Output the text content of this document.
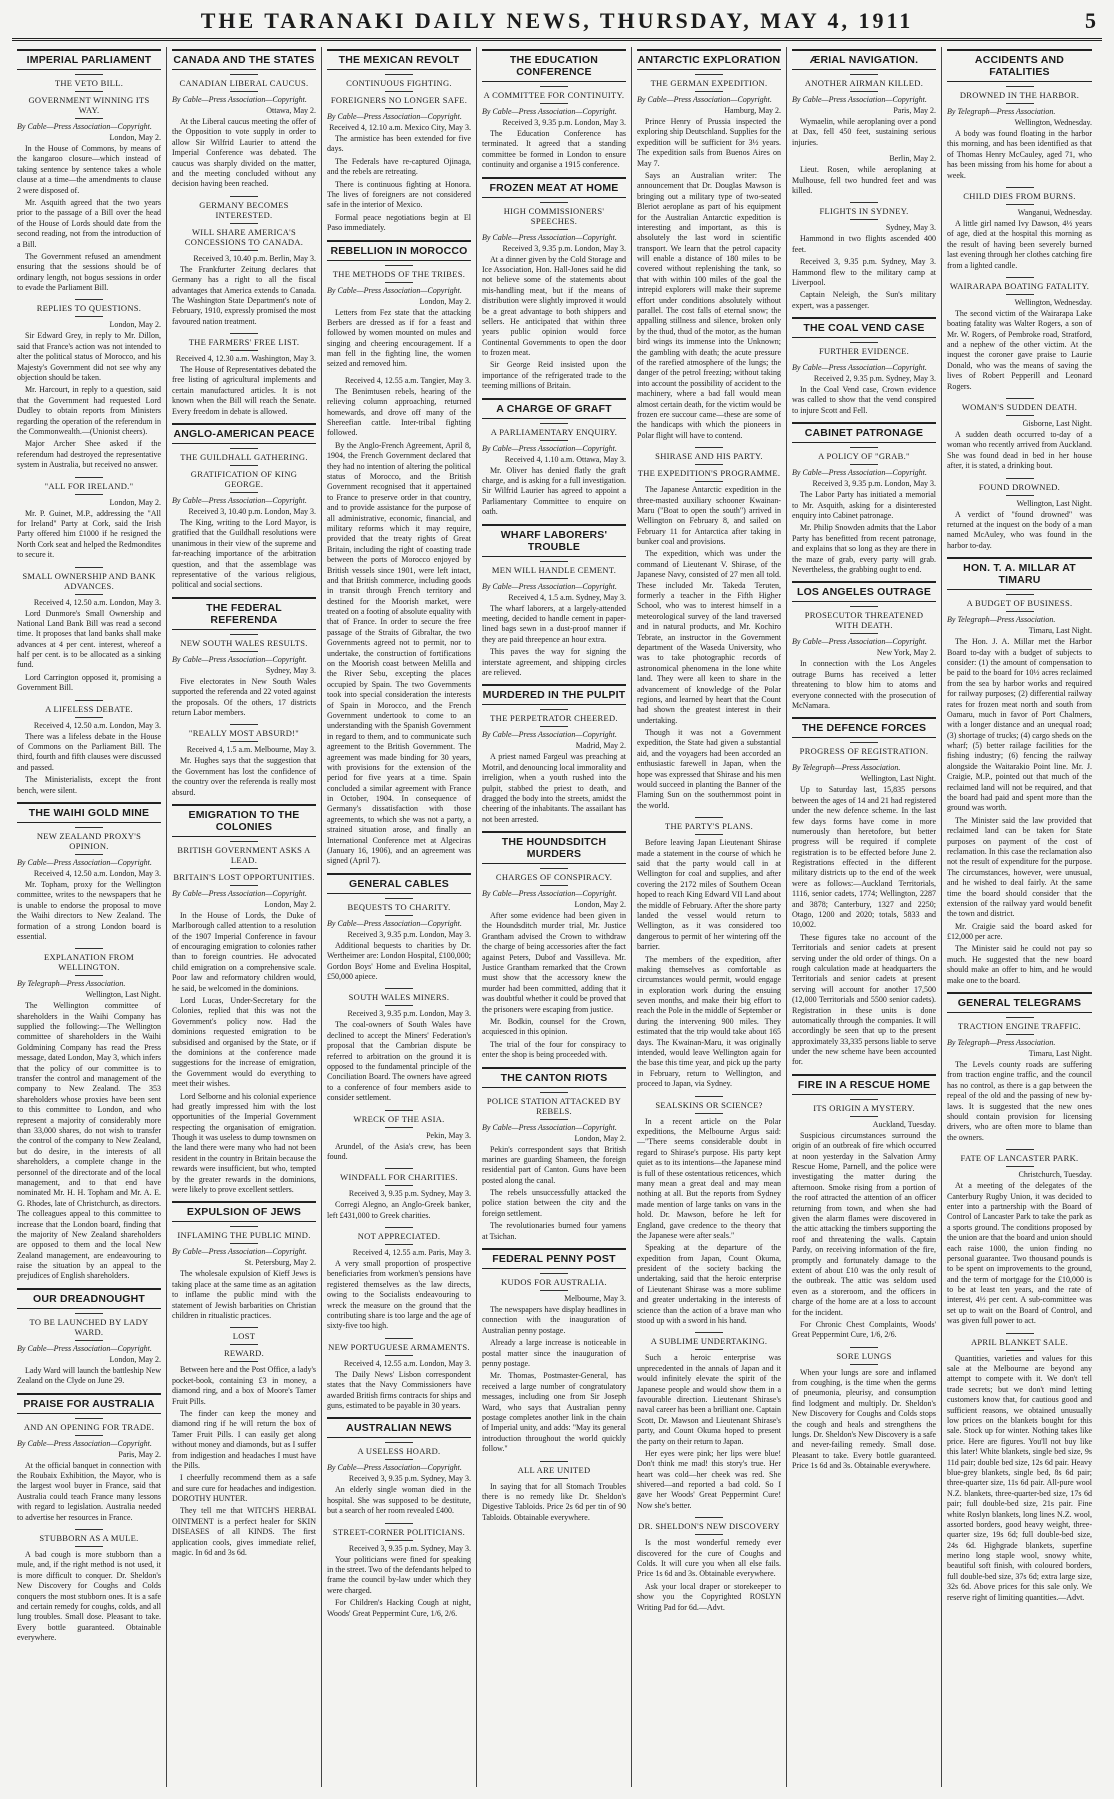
THE TARANAKI DAILY NEWS, THURSDAY, MAY 4, 1911	5
IMPERIAL PARLIAMENT
THE VETO BILL.
GOVERNMENT WINNING ITS WAY.
By Cable—Press Association—Copyright.
London, May 2.

In the House of Commons, by means of the kangaroo closure—which instead of taking sentence by sentence takes a whole clause at a time—the amendments to clause 2 were disposed of.

Mr. Asquith agreed that the two years prior to the passage of a Bill over the head of the House of Lords should date from the second reading, not from the introduction of a Bill.

The Government refused an amendment ensuring that the sessions should be of ordinary length, not bogus sessions in order to evade the Parliament Bill.

REPLIES TO QUESTIONS.
London, May 2.

Sir Edward Grey, in reply to Mr. Dillon, said that France's action was not intended to alter the political status of Morocco, and his Majesty's Government did not see why any objection should be taken.

Mr. Harcourt, in reply to a question, said that the Government had requested Lord Dudley to obtain reports from Ministers regarding the operation of the referendum in the Commonwealth.—(Unionist cheers).

Major Archer Shee asked if the referendum had destroyed the representative system in Australia, but received no answer.

"ALL FOR IRELAND."
London, May 2.

Mr. P. Guinet, M.P., addressing the "All for Ireland" Party at Cork, said the Irish Party offered him £1000 if he resigned the North Cork seat and helped the Redmondites to secure it.

SMALL OWNERSHIP AND BANK ADVANCES.
Received 4, 12.50 a.m. London, May 3.

Lord Dunmore's Small Ownership and National Land Bank Bill was read a second time. It proposes that land banks shall make advances at 4 per cent. interest, whereof a half per cent. is to be allocated as a sinking fund.

Lord Carrington opposed it, promising a Government Bill.

A LIFELESS DEBATE.
Received 4, 12.50 a.m. London, May 3.

There was a lifeless debate in the House of Commons on the Parliament Bill. The third, fourth and fifth clauses were discussed and passed.

The Ministerialists, except the front bench, were silent.

THE WAIHI GOLD MINE
NEW ZEALAND PROXY'S OPINION.
By Cable—Press Association—Copyright.
Received 4, 12.50 a.m. London, May 3.

Mr. Topham, proxy for the Wellington committee, writes to the newspapers that he is unable to endorse the proposal to move the Waihi directors to New Zealand. The formation of a strong London board is essential.

EXPLANATION FROM WELLINGTON.
By Telegraph—Press Association.
Wellington, Last Night.

The Wellington committee of shareholders in the Waihi Company has supplied the following:—The Wellington committee of shareholders in the Waihi Goldmining Company has read the Press message, dated London, May 3, which infers that the policy of our committee is to transfer the control and management of the company to New Zealand. The 353 shareholders whose proxies have been sent to this committee to London, and who represent a majority of considerably more than 33,000 shares, do not wish to transfer the control of the company to New Zealand, but do desire, in the interests of all shareholders, a complete change in the personnel of the directorate and of the local management, and to that end have nominated Mr. H. H. Topham and Mr. A. E. G. Rhodes, late of Christchurch, as directors. The colleagues appeal to this committee to increase that the London board, finding that the majority of New Zealand shareholders are opposed to them and the local New Zealand management, are endeavouring to raise the situation by an appeal to the prejudices of English shareholders.

OUR DREADNOUGHT
TO BE LAUNCHED BY LADY WARD.
By Cable—Press Association—Copyright.
London, May 2.

Lady Ward will launch the battleship New Zealand on the Clyde on June 29.

PRAISE FOR AUSTRALIA
AND AN OPENING FOR TRADE.
By Cable—Press Association—Copyright.
Paris, May 2.

At the official banquet in connection with the Roubaix Exhibition, the Mayor, who is the largest wool buyer in France, said that Australia could teach France many lessons with regard to legislation. Australia needed to advertise her resources in France.

STUBBORN AS A MULE.

A bad cough is more stubborn than a mule, and, if the right method is not used, it is more difficult to conquer. Dr. Sheldon's New Discovery for Coughs and Colds conquers the most stubborn ones. It is a safe and certain remedy for coughs, colds, and all lung troubles. Small dose. Pleasant to take. Every bottle guaranteed. Obtainable everywhere.

CANADA AND THE STATES
CANADIAN LIBERAL CAUCUS.
By Cable—Press Association—Copyright.
Ottawa, May 2.

At the Liberal caucus meeting the offer of the Opposition to vote supply in order to allow Sir Wilfrid Laurier to attend the Imperial Conference was debated. The caucus was sharply divided on the matter, and the meeting concluded without any decision having been reached.

GERMANY BECOMES INTERESTED.
WILL SHARE AMERICA'S CONCESSIONS TO CANADA.
Received 3, 10.40 p.m. Berlin, May 3.

The Frankfurter Zeitung declares that Germany has a right to all the fiscal advantages that America extends to Canada. The Washington State Department's note of February, 1910, expressly promised the most favoured nation treatment.

THE FARMERS' FREE LIST.
Received 4, 12.30 a.m. Washington, May 3.

The House of Representatives debated the free listing of agricultural implements and certain manufactured articles. It is not known when the Bill will reach the Senate. Every freedom in debate is allowed.

ANGLO-AMERICAN PEACE
THE GUILDHALL GATHERING.
GRATIFICATION OF KING GEORGE.
By Cable—Press Association—Copyright.
Received 3, 10.40 p.m. London, May 3.

The King, writing to the Lord Mayor, is gratified that the Guildhall resolutions were unanimous in their view of the supreme and far-reaching importance of the arbitration question, and that the assemblage was representative of the various religious, political and social sections.

THE FEDERAL REFERENDA
NEW SOUTH WALES RESULTS.
By Cable—Press Association—Copyright.
Sydney, May 3.

Five electorates in New South Wales supported the referenda and 22 voted against the proposals. Of the others, 17 districts return Labor members.

"REALLY MOST ABSURD!"
Received 4, 1.5 a.m. Melbourne, May 3.

Mr. Hughes says that the suggestion that the Government has lost the confidence of the country over the referenda is really most absurd.

EMIGRATION TO THE COLONIES
BRITISH GOVERNMENT ASKS A LEAD.
BRITAIN'S LOST OPPORTUNITIES.
By Cable—Press Association—Copyright.
London, May 2.

In the House of Lords, the Duke of Marlborough called attention to a resolution of the 1907 Imperial Conference in favour of encouraging emigration to colonies rather than to foreign countries. He advocated child emigration on a comprehensive scale. Poor law and reformatory children would, he said, be welcomed in the dominions.

Lord Lucas, Under-Secretary for the Colonies, replied that this was not the Government's policy now. Had the dominions requested emigration to be subsidised and organised by the State, or if the dominions at the conference made suggestions for the increase of emigration, the Government would do everything to meet their wishes.

Lord Selborne and his colonial experience had greatly impressed him with the lost opportunities of the Imperial Government respecting the organisation of emigration. Though it was useless to dump townsmen on the land there were many who had not been resident in the country in Britain because the rewards were insufficient, but who, tempted by the greater rewards in the dominions, were likely to prove excellent settlers.

EXPULSION OF JEWS
INFLAMING THE PUBLIC MIND.
By Cable—Press Association—Copyright.
St. Petersburg, May 2.

The wholesale expulsion of Kieff Jews is taking place at the same time as an agitation to inflame the public mind with the statement of Jewish barbarities on Christian children in ritualistic practices.

LOST
REWARD.

Between here and the Post Office, a lady's pocket-book, containing £3 in money, a diamond ring, and a box of Moore's Tamer Fruit Pills.

The finder can keep the money and diamond ring if he will return the box of Tamer Fruit Pills. I can easily get along without money and diamonds, but as I suffer from indigestion and headaches I must have the Pills.

I cheerfully recommend them as a safe and sure cure for headaches and indigestion. DOROTHY HUNTER.

They tell me that WITCH'S HERBAL OINTMENT is a perfect healer for SKIN DISEASES of all KINDS. The first application cools, gives immediate relief, magic. In 6d and 3s 6d.

THE MEXICAN REVOLT
CONTINUOUS FIGHTING.
FOREIGNERS NO LONGER SAFE.
By Cable—Press Association—Copyright.
Received 4, 12.10 a.m. Mexico City, May 3.

The armistice has been extended for five days.

The Federals have re-captured Ojinaga, and the rebels are retreating.

There is continuous fighting at Honora. The lives of foreigners are not considered safe in the interior of Mexico.

Formal peace negotiations begin at El Paso immediately.

REBELLION IN MOROCCO
THE METHODS OF THE TRIBES.
By Cable—Press Association—Copyright.
London, May 2.

Letters from Fez state that the attacking Berbers are dressed as if for a feast and followed by women mounted on mules and singing and cheering encouragement. If a man fell in the fighting line, the women seized and removed him.

Received 4, 12.55 a.m. Tangier, May 3.

The Benimtusen rebels, hearing of the relieving column approaching, returned homewards, and drove off many of the Shereefian cattle. Inter-tribal fighting followed.

By the Anglo-French Agreement, April 8, 1904, the French Government declared that they had no intention of altering the political status of Morocco, and the British Government recognised that it appertained to France to preserve order in that country, and to provide assistance for the purpose of all administrative, economic, financial, and military reforms which it may require, provided that the treaty rights of Great Britain, including the right of coasting trade between the ports of Morocco enjoyed by British vessels since 1901, were left intact, and that British commerce, including goods in transit through French territory and destined for the Moorish market, were treated on a footing of absolute equality with that of France. In order to secure the free passage of the Straits of Gibraltar, the two Governments agreed not to permit, nor to undertake, the construction of fortifications on the Moorish coast between Melilla and the River Sebu, excepting the places occupied by Spain. The two Governments took into special consideration the interests of Spain in Morocco, and the French Government undertook to come to an understanding with the Spanish Government in regard to them, and to communicate such agreement to the British Government. The agreement was made binding for 30 years, with provisions for the extension of the period for five years at a time. Spain concluded a similar agreement with France in October, 1904. In consequence of Germany's dissatisfaction with those agreements, to which she was not a party, a strained situation arose, and finally an International Conference met at Algeciras (January 16, 1906), and an agreement was signed (April 7).

GENERAL CABLES
BEQUESTS TO CHARITY.
By Cable—Press Association—Copyright.
Received 3, 9.35 p.m. London, May 3.

Additional bequests to charities by Dr. Wertheimer are: London Hospital, £100,000; Gordon Boys' Home and Evelina Hospital, £50,000 apiece.

SOUTH WALES MINERS.
Received 3, 9.35 p.m. London, May 3.

The coal-owners of South Wales have declined to accept the Miners' Federation's proposal that the Cambrian dispute be referred to arbitration on the ground it is opposed to the fundamental principle of the Conciliation Board. The owners have agreed to a conference of four members aside to consider settlement.

WRECK OF THE ASIA.
Pekin, May 3.

Arundel, of the Asia's crew, has been found.

WINDFALL FOR CHARITIES.
Received 3, 9.35 p.m. Sydney, May 3.

Corregi Alegno, an Anglo-Greek banker, left £431,000 to Greek charities.

NOT APPRECIATED.
Received 4, 12.55 a.m. Paris, May 3.

A very small proportion of prospective beneficiaries from workmen's pensions have registered themselves as the law directs, owing to the Socialists endeavouring to wreck the measure on the ground that the contributing share is too large and the age of sixty-five too high.

NEW PORTUGUESE ARMAMENTS.
Received 4, 12.55 a.m. London, May 3.

The Daily News' Lisbon correspondent states that the Navy Commissioners have awarded British firms contracts for ships and guns, estimated to be payable in 30 years.

AUSTRALIAN NEWS
A USELESS HOARD.
By Cable—Press Association—Copyright.
Received 3, 9.35 p.m. Sydney, May 3.

An elderly single woman died in the hospital. She was supposed to be destitute, but a search of her room revealed £400.

STREET-CORNER POLITICIANS.
Received 3, 9.35 p.m. Sydney, May 3.

Your politicians were fined for speaking in the street. Two of the defendants helped to frame the council by-law under which they were charged.

For Children's Hacking Cough at night, Woods' Great Peppermint Cure, 1/6, 2/6.

THE EDUCATION CONFERENCE
A COMMITTEE FOR CONTINUITY.
By Cable—Press Association—Copyright.
Received 3, 9.35 p.m. London, May 3.

The Education Conference has terminated. It agreed that a standing committee be formed in London to ensure continuity and organise a 1915 conference.

FROZEN MEAT AT HOME
HIGH COMMISSIONERS' SPEECHES.
By Cable—Press Association—Copyright.
Received 3, 9.35 p.m. London, May 3.

At a dinner given by the Cold Storage and Ice Association, Hon. Hall-Jones said he did not believe some of the statements about mis-handling meat, but if the means of distribution were slightly improved it would be a great advantage to both shippers and sellers. He anticipated that within three years public opinion would force Continental Governments to open the door to frozen meat.

Sir George Reid insisted upon the importance of the refrigerated trade to the teeming millions of Britain.

A CHARGE OF GRAFT
A PARLIAMENTARY ENQUIRY.
By Cable—Press Association—Copyright.
Received 4, 1.10 a.m. Ottawa, May 3.

Mr. Oliver has denied flatly the graft charge, and is asking for a full investigation. Sir Wilfrid Laurier has agreed to appoint a Parliamentary Committee to enquire on oath.

WHARF LABORERS' TROUBLE
MEN WILL HANDLE CEMENT.
By Cable—Press Association—Copyright.
Received 4, 1.5 a.m. Sydney, May 3.

The wharf laborers, at a largely-attended meeting, decided to handle cement in paper-lined bags sewn in a dust-proof manner if they are paid threepence an hour extra.

This paves the way for signing the interstate agreement, and shipping circles are relieved.

MURDERED IN THE PULPIT
THE PERPETRATOR CHEERED.
By Cable—Press Association—Copyright.
Madrid, May 2.

A priest named Fargeul was preaching at Motril, and denouncing local immorality and irreligion, when a youth rushed into the pulpit, stabbed the priest to death, and dragged the body into the streets, amidst the cheering of the inhabitants. The assailant has not been arrested.

THE HOUNDSDITCH MURDERS
CHARGES OF CONSPIRACY.
By Cable—Press Association—Copyright.
London, May 2.

After some evidence had been given in the Houndsditch murder trial, Mr. Justice Grantham advised the Crown to withdraw the charge of being accessories after the fact against Peters, Dubof and Vassilleva. Mr. Justice Grantham remarked that the Crown must show that the accessory knew the murder had been committed, adding that it was doubtful whether it could be proved that the prisoners were escaping from justice.

Mr. Bodkin, counsel for the Crown, acquiesced in this opinion.

The trial of the four for conspiracy to enter the shop is being proceeded with.

THE CANTON RIOTS
POLICE STATION ATTACKED BY REBELS.
By Cable—Press Association—Copyright.
London, May 2.

Pekin's correspondent says that British marines are guarding Shameen, the foreign residential part of Canton. Guns have been posted along the canal.

The rebels unsuccessfully attacked the police station between the city and the foreign settlement.

The revolutionaries burned four yamens at Tsichan.

FEDERAL PENNY POST
KUDOS FOR AUSTRALIA.
Melbourne, May 3.

The newspapers have display headlines in connection with the inauguration of Australian penny postage.

Already a large increase is noticeable in postal matter since the inauguration of penny postage.

Mr. Thomas, Postmaster-General, has received a large number of congratulatory messages, including one from Sir Joseph Ward, who says that Australian penny postage completes another link in the chain of Imperial unity, and adds: "May its general introduction throughout the world quickly follow."

ALL ARE UNITED

In saying that for all Stomach Troubles there is no remedy like Dr. Sheldon's Digestive Tabloids. Price 2s 6d per tin of 90 Tabloids. Obtainable everywhere.

ANTARCTIC EXPLORATION
THE GERMAN EXPEDITION.
By Cable—Press Association—Copyright.
Hamburg, May 2.

Prince Henry of Prussia inspected the exploring ship Deutschland. Supplies for the expedition will be sufficient for 3½ years. The expedition sails from Buenos Aires on May 7.

Says an Australian writer: The announcement that Dr. Douglas Mawson is bringing out a military type of two-seated Bleriot aeroplane as part of his equipment for the Australian Antarctic expedition is interesting and important, as this is absolutely the last word in scientific transport. We learn that the petrol capacity will enable a distance of 180 miles to be covered without replenishing the tank, so that with within 100 miles of the goal the intrepid explorers will make their supreme effort under conditions absolutely without parallel. The cost falls of eternal snow; the appalling stillness and silence, broken only by the thud, thud of the motor, as the human bird wings its immense into the Unknown; the gambling with death; the acute pressure of the rarefied atmosphere of the lungs; the danger of the petrol freezing; without taking into account the possibility of accident to the machinery, where a bad fall would mean almost certain death, for the victim would be frozen ere succour came—these are some of the handicaps with which the pioneers in Polar flight will have to contend.

SHIRASE AND HIS PARTY.
THE EXPEDITION'S PROGRAMME.

The Japanese Antarctic expedition in the three-masted auxiliary schooner Kwainan-Maru ("Boat to open the south") arrived in Wellington on February 8, and sailed on February 11 for Antarctica after taking in bunker coal and provisions.

The expedition, which was under the command of Lieutenant V. Shirase, of the Japanese Navy, consisted of 27 men all told. These included Mr. Takeda Teruten, formerly a teacher in the Fifth Higher School, who was to interest himself in a meteorological survey of the land traversed and in natural products, and Mr. Kochiro Tebrate, an instructor in the Government department of the Waseda University, who was to take photographic records of astronomical phenomena in the lone white land. They were all keen to share in the advancement of knowledge of the Polar regions, and learned by heart that the Count had shown the greatest interest in their undertaking.

Though it was not a Government expedition, the State had given a substantial aid, and the voyagers had been accorded an enthusiastic farewell in Japan, when the hope was expressed that Shirase and his men would succeed in planting the Banner of the Flaming Sun on the southernmost point in the world.

THE PARTY'S PLANS.

Before leaving Japan Lieutenant Shirase made a statement in the course of which he said that the party would call in at Wellington for coal and supplies, and after covering the 2172 miles of Southern Ocean hoped to reach King Edward VII Land about the middle of February. After the shore party landed the vessel would return to Wellington, as it was considered too dangerous to permit of her wintering off the barrier.

The members of the expedition, after making themselves as comfortable as circumstances would permit, would engage in exploration work during the ensuing seven months, and make their big effort to reach the Pole in the middle of September or during the intervening 900 miles. They estimated that the trip would take about 165 days. The Kwainan-Maru, it was originally intended, would leave Wellington again for the base this time year, and pick up the party in February, return to Wellington, and proceed to Japan, via Sydney.

SEALSKINS OR SCIENCE?

In a recent article on the Polar expeditions, the Melbourne Argus said:—"There seems considerable doubt in regard to Shirase's purpose. His party kept quiet as to its intentions—the Japanese mind is full of these ostentatious reticences, which many mean a great deal and may mean nothing at all. But the reports from Sydney made mention of large tanks on vans in the hold. Dr. Mawson, before he left for England, gave credence to the theory that the Japanese were after seals."

Speaking at the departure of the expedition from Japan, Count Okuma, president of the society backing the undertaking, said that the heroic enterprise of Lieutenant Shirase was a more sublime and greater undertaking in the interests of science than the action of a brave man who stood up with a sword in his hand.

A SUBLIME UNDERTAKING.

Such a heroic enterprise was unprecedented in the annals of Japan and it would infinitely elevate the spirit of the Japanese people and would show them in a favourable direction. Lieutenant Shirase's naval career has been a brilliant one. Captain Scott, Dr. Mawson and Lieutenant Shirase's party, and Count Okuma hoped to present the party on their return to Japan.

Her eyes were pink; her lips were blue! Don't think me mad! this story's true. Her heart was cold—her cheek was red. She shivered—and reported a bad cold. So I gave her Woods' Great Peppermint Cure! Now she's better.

DR. SHELDON'S NEW DISCOVERY

Is the most wonderful remedy ever discovered for the cure of Coughs and Colds. It will cure you when all else fails. Price 1s 6d and 3s. Obtainable everywhere.

Ask your local draper or storekeeper to show you the Copyrighted ROSLYN Writing Pad for 6d.—Advt.

ÆRIAL NAVIGATION.
ANOTHER AIRMAN KILLED.
By Cable—Press Association—Copyright.
Paris, May 2.

Wymaelin, while aeroplaning over a pond at Dax, fell 450 feet, sustaining serious injuries.

Berlin, May 2.

Lieut. Rosen, while aeroplaning at Mulhouse, fell two hundred feet and was killed.

FLIGHTS IN SYDNEY.
Sydney, May 3.

Hammond in two flights ascended 400 feet.

Received 3, 9.35 p.m. Sydney, May 3. Hammond flew to the military camp at Liverpool.

Captain Neleigh, the Sun's military expert, was a passenger.

THE COAL VEND CASE
FURTHER EVIDENCE.
By Cable—Press Association—Copyright.
Received 2, 9.35 p.m. Sydney, May 3.

In the Coal Vend case, Crown evidence was called to show that the vend conspired to injure Scott and Fell.

CABINET PATRONAGE
A POLICY OF "GRAB."
By Cable—Press Association—Copyright.
Received 3, 9.35 p.m. London, May 3.

The Labor Party has initiated a memorial to Mr. Asquith, asking for a disinterested enquiry into Cabinet patronage.

Mr. Philip Snowden admits that the Labor Party has benefitted from recent patronage, and explains that so long as they are there in the maze of grab, every party will grab. Nevertheless, the grabbing ought to end.

LOS ANGELES OUTRAGE
PROSECUTOR THREATENED WITH DEATH.
By Cable—Press Association—Copyright.
New York, May 2.

In connection with the Los Angeles outrage Burns has received a letter threatening to blow him to atoms and everyone connected with the prosecution of McNamara.

THE DEFENCE FORCES
PROGRESS OF REGISTRATION.
By Telegraph—Press Association.
Wellington, Last Night.

Up to Saturday last, 15,835 persons between the ages of 14 and 21 had registered under the new defence scheme. In the last few days forms have come in more numerously than heretofore, but better progress will be required if complete registration is to be effected before June 2. Registrations effected in the different military districts up to the end of the week were as follows:—Auckland Territorials, 1116, senior cadets, 1774; Wellington, 2287 and 3878; Canterbury, 1327 and 2250; Otago, 1200 and 2020; totals, 5833 and 10,002.

These figures take no account of the Territorials and senior cadets at present serving under the old order of things. On a rough calculation made at headquarters the Territorials and senior cadets at present serving will account for another 17,500 (12,000 Territorials and 5500 senior cadets). Registration in these units is done automatically through the companies. It will accordingly be seen that up to the present approximately 33,335 persons liable to serve under the new scheme have been accounted for.

FIRE IN A RESCUE HOME
ITS ORIGIN A MYSTERY.
Auckland, Tuesday.

Suspicious circumstances surround the origin of an outbreak of fire which occurred at noon yesterday in the Salvation Army Rescue Home, Parnell, and the police were investigating the matter during the afternoon. Smoke rising from a portion of the roof attracted the attention of an officer returning from town, and when she had given the alarm flames were discovered in the attic attacking the timbers supporting the roof and threatening the walls. Captain Pardy, on receiving information of the fire, promptly and fortunately damage to the extent of about £10 was the only result of the outbreak. The attic was seldom used even as a storeroom, and the officers in charge of the home are at a loss to account for the incident.

For Chronic Chest Complaints, Woods' Great Peppermint Cure, 1/6, 2/6.

SORE LUNGS

When your lungs are sore and inflamed from coughing, is the time when the germs of pneumonia, pleurisy, and consumption find lodgment and multiply. Dr. Sheldon's New Discovery for Coughs and Colds stops the cough and heals and strengthens the lungs. Dr. Sheldon's New Discovery is a safe and never-failing remedy. Small dose. Pleasant to take. Every bottle guaranteed. Price 1s 6d and 3s. Obtainable everywhere.

ACCIDENTS AND FATALITIES
DROWNED IN THE HARBOR.
By Telegraph—Press Association.
Wellington, Wednesday.

A body was found floating in the harbor this morning, and has been identified as that of Thomas Henry McCauley, aged 71, who has been missing from his home for about a week.

CHILD DIES FROM BURNS.
Wanganui, Wednesday.

A little girl named Ivy Dawson, 4½ years of age, died at the hospital this morning as the result of having been severely burned last evening through her clothes catching fire from a lighted candle.

WAIRARAPA BOATING FATALITY.
Wellington, Wednesday.

The second victim of the Wairarapa Lake boating fatality was Walter Rogers, a son of Mr. W. Rogers, of Pembroke road, Stratford, and a nephew of the other victim. At the inquest the coroner gave praise to Laurie Donald, who was the means of saving the lives of Robert Pepperill and Leonard Rogers.

WOMAN'S SUDDEN DEATH.
Gisborne, Last Night.

A sudden death occurred to-day of a woman who recently arrived from Auckland. She was found dead in bed in her house after, it is stated, a drinking bout.

FOUND DROWNED.
Wellington, Last Night.

A verdict of "found drowned" was returned at the inquest on the body of a man named McAuley, who was found in the harbor to-day.

HON. T. A. MILLAR AT TIMARU
A BUDGET OF BUSINESS.
By Telegraph—Press Association.
Timaru, Last Night.

The Hon. J. A. Millar met the Harbor Board to-day with a budget of subjects to consider: (1) the amount of compensation to be paid to the board for 10½ acres reclaimed from the sea by harbor works and required for railway purposes; (2) differential railway rates for frozen meat north and south from Oamaru, much in favor of Port Chalmers, with a longer distance and an unequal road; (3) shortage of trucks; (4) cargo sheds on the wharf; (5) better railage facilities for the fishing industry; (6) fencing the railway alongside the Waitarakio Point line. Mr. J. Craigie, M.P., pointed out that much of the reclaimed land will not be required, and that the board had paid and spent more than the ground was worth.

The Minister said the law provided that reclaimed land can be taken for State purposes on payment of the cost of reclamation. In this case the reclamation also not the result of expenditure for the purpose. The circumstances, however, were unusual, and he wished to deal fairly. At the same time the board should consider that the extension of the railway yard would benefit the town and district.

Mr. Craigie said the board asked for £12,000 per acre.

The Minister said he could not pay so much. He suggested that the new board should make an offer to him, and he would make one to the board.

GENERAL TELEGRAMS
TRACTION ENGINE TRAFFIC.
By Telegraph—Press Association.
Timaru, Last Night.

The Levels county roads are suffering from traction engine traffic, and the council has no control, as there is a gap between the repeal of the old and the passing of new by-laws. It is suggested that the new ones should contain provision for licensing drivers, who are often more to blame than the owners.

FATE OF LANCASTER PARK.
Christchurch, Tuesday.

At a meeting of the delegates of the Canterbury Rugby Union, it was decided to enter into a partnership with the Board of Control of Lancaster Park to take the park as a sports ground. The conditions proposed by the union are that the board and union should each raise 1000, the union finding no personal guarantee. Two thousand pounds is to be spent on improvements to the ground, and the term of mortgage for the £10,000 is to be at least ten years, and the rate of interest, 4½ per cent. A sub-committee was set up to wait on the Board of Control, and was given full power to act.

APRIL BLANKET SALE.

Quantities, varieties and values for this sale at the Melbourne are beyond any attempt to compete with it. We don't tell trade secrets; but we don't mind letting customers know that, for cautious good and sufficient reasons, we obtained unusually low prices on the blankets bought for this sale. Stock up for winter. Nothing takes like price. Here are figures. You'll not buy like this later! White blankets, single bed size, 9s 11d pair; double bed size, 12s 6d pair. Heavy blue-grey blankets, single bed, 8s 6d pair; three-quarter size, 11s 6d pair. All-pure wool N.Z. blankets, three-quarter-bed size, 17s 6d pair; full double-bed size, 21s pair. Fine white Roslyn blankets, long lines N.Z. wool, assorted borders, good heavy weight, three-quarter size, 19s 6d; full double-bed size, 24s 6d. Highgrade blankets, superfine merino long staple wool, snowy white, beautiful soft finish, with coloured borders, full double-bed size, 37s 6d; extra large size, 32s 6d. Above prices for this sale only. We reserve right of limiting quantities.—Advt.
